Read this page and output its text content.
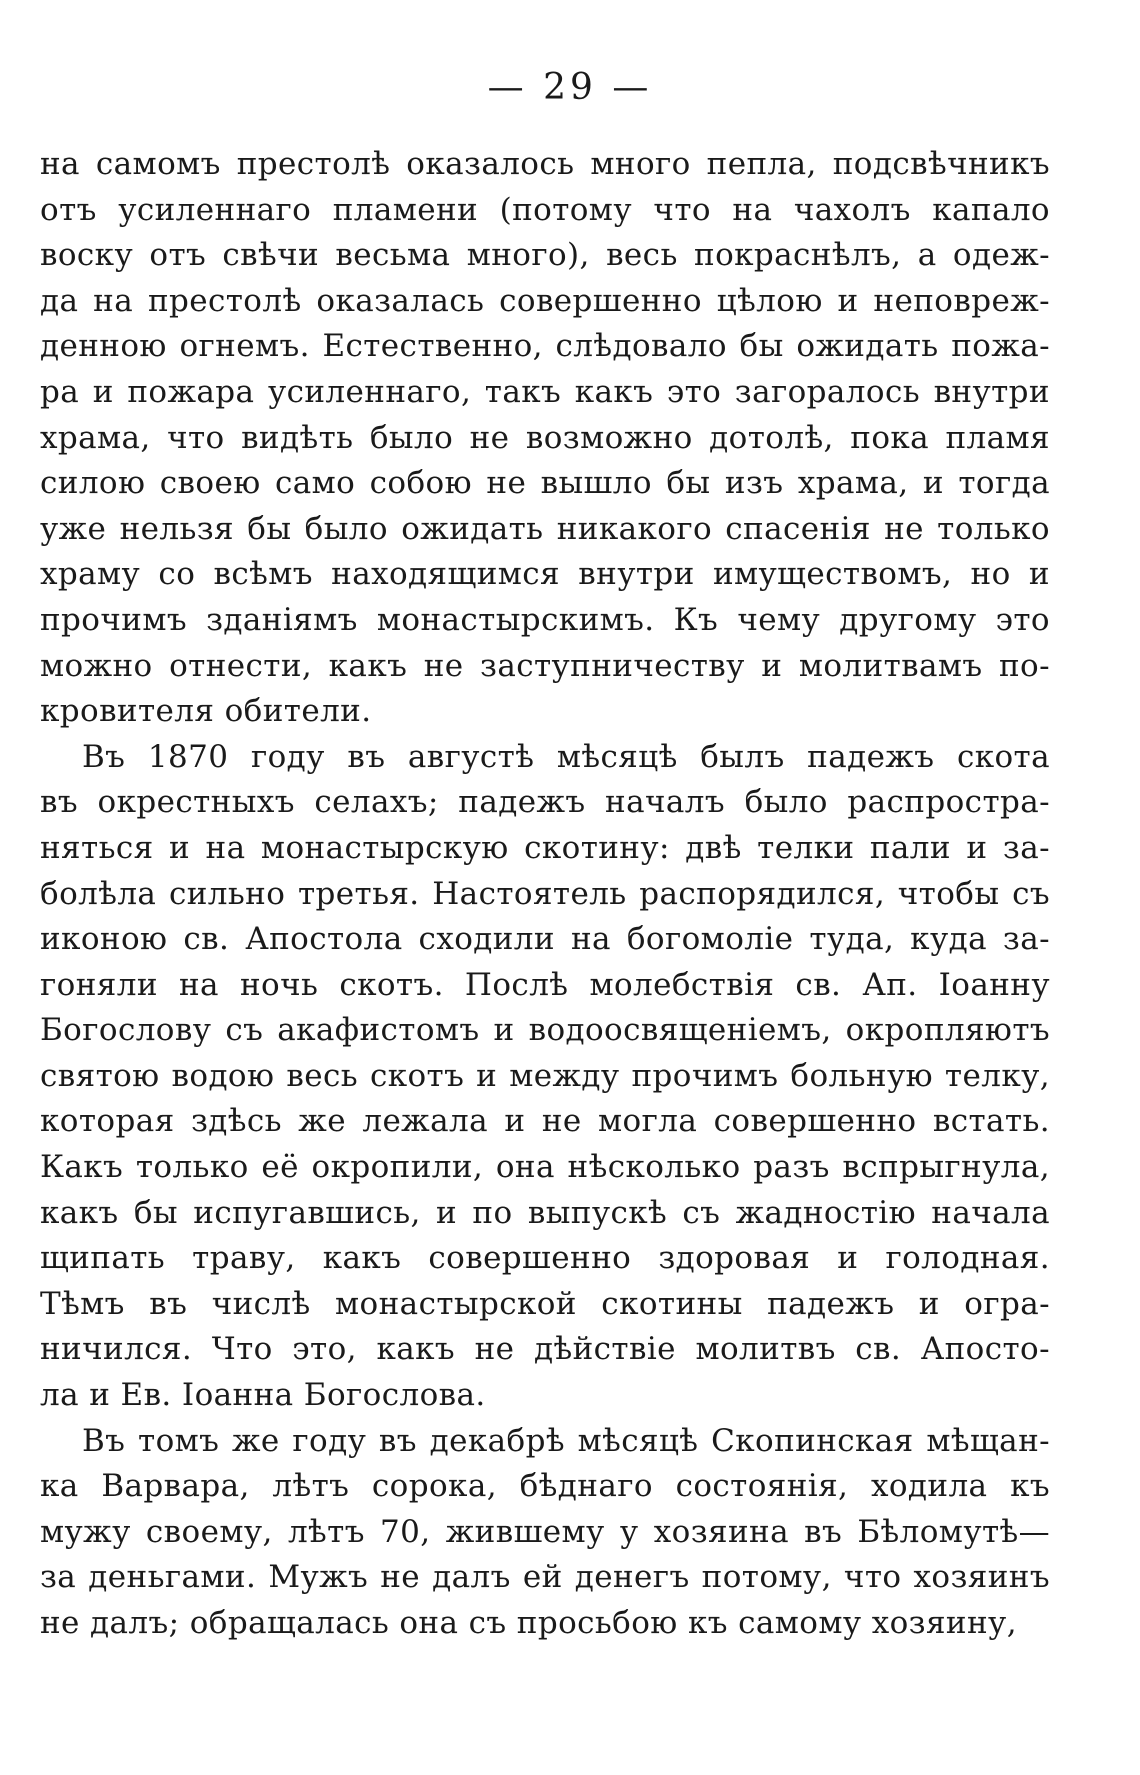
— 29 —
на самомъ престолѣ оказалось много пепла, подсвѣчникъ
отъ усиленнаго пламени (потому что на чахолъ капало
воску отъ свѣчи весьма много), весь покраснѣлъ, а одеж-
да на престолѣ оказалась совершенно цѣлою и неповреж-
денною огнемъ. Естественно, слѣдовало бы ожидать пожа-
ра и пожара усиленнаго, такъ какъ это загоралось внутри
храма, что видѣть было не возможно дотолѣ, пока пламя
силою своею само собою не вышло бы изъ храма, и тогда
уже нельзя бы было ожидать никакого спасенія не только
храму со всѣмъ находящимся внутри имуществомъ, но и
прочимъ зданіямъ монастырскимъ. Къ чему другому это
можно отнести, какъ не заступничеству и молитвамъ по-
кровителя обители.
Въ 1870 году въ августѣ мѣсяцѣ былъ падежъ скота
въ окрестныхъ селахъ; падежъ началъ было распростра-
няться и на монастырскую скотину: двѣ телки пали и за-
болѣла сильно третья. Настоятель распорядился, чтобы съ
иконою св. Апостола сходили на богомоліе туда, куда за-
гоняли на ночь скотъ. Послѣ молебствія св. Ап. Іоанну
Богослову съ акафистомъ и водоосвященіемъ, окропляютъ
святою водою весь скотъ и между прочимъ больную телку,
которая здѣсь же лежала и не могла совершенно встать.
Какъ только её окропили, она нѣсколько разъ вспрыгнула,
какъ бы испугавшись, и по выпускѣ съ жадностію начала
щипать траву, какъ совершенно здоровая и голодная.
Тѣмъ въ числѣ монастырской скотины падежъ и огра-
ничился. Что это, какъ не дѣйствіе молитвъ св. Апосто-
ла и Ев. Іоанна Богослова.
Въ томъ же году въ декабрѣ мѣсяцѣ Скопинская мѣщан-
ка Варвара, лѣтъ сорока, бѣднаго состоянія, ходила къ
мужу своему, лѣтъ 70, жившему у хозяина въ Бѣломутѣ—
за деньгами. Мужъ не далъ ей денегъ потому, что хозяинъ
не далъ; обращалась она съ просьбою къ самому хозяину,
